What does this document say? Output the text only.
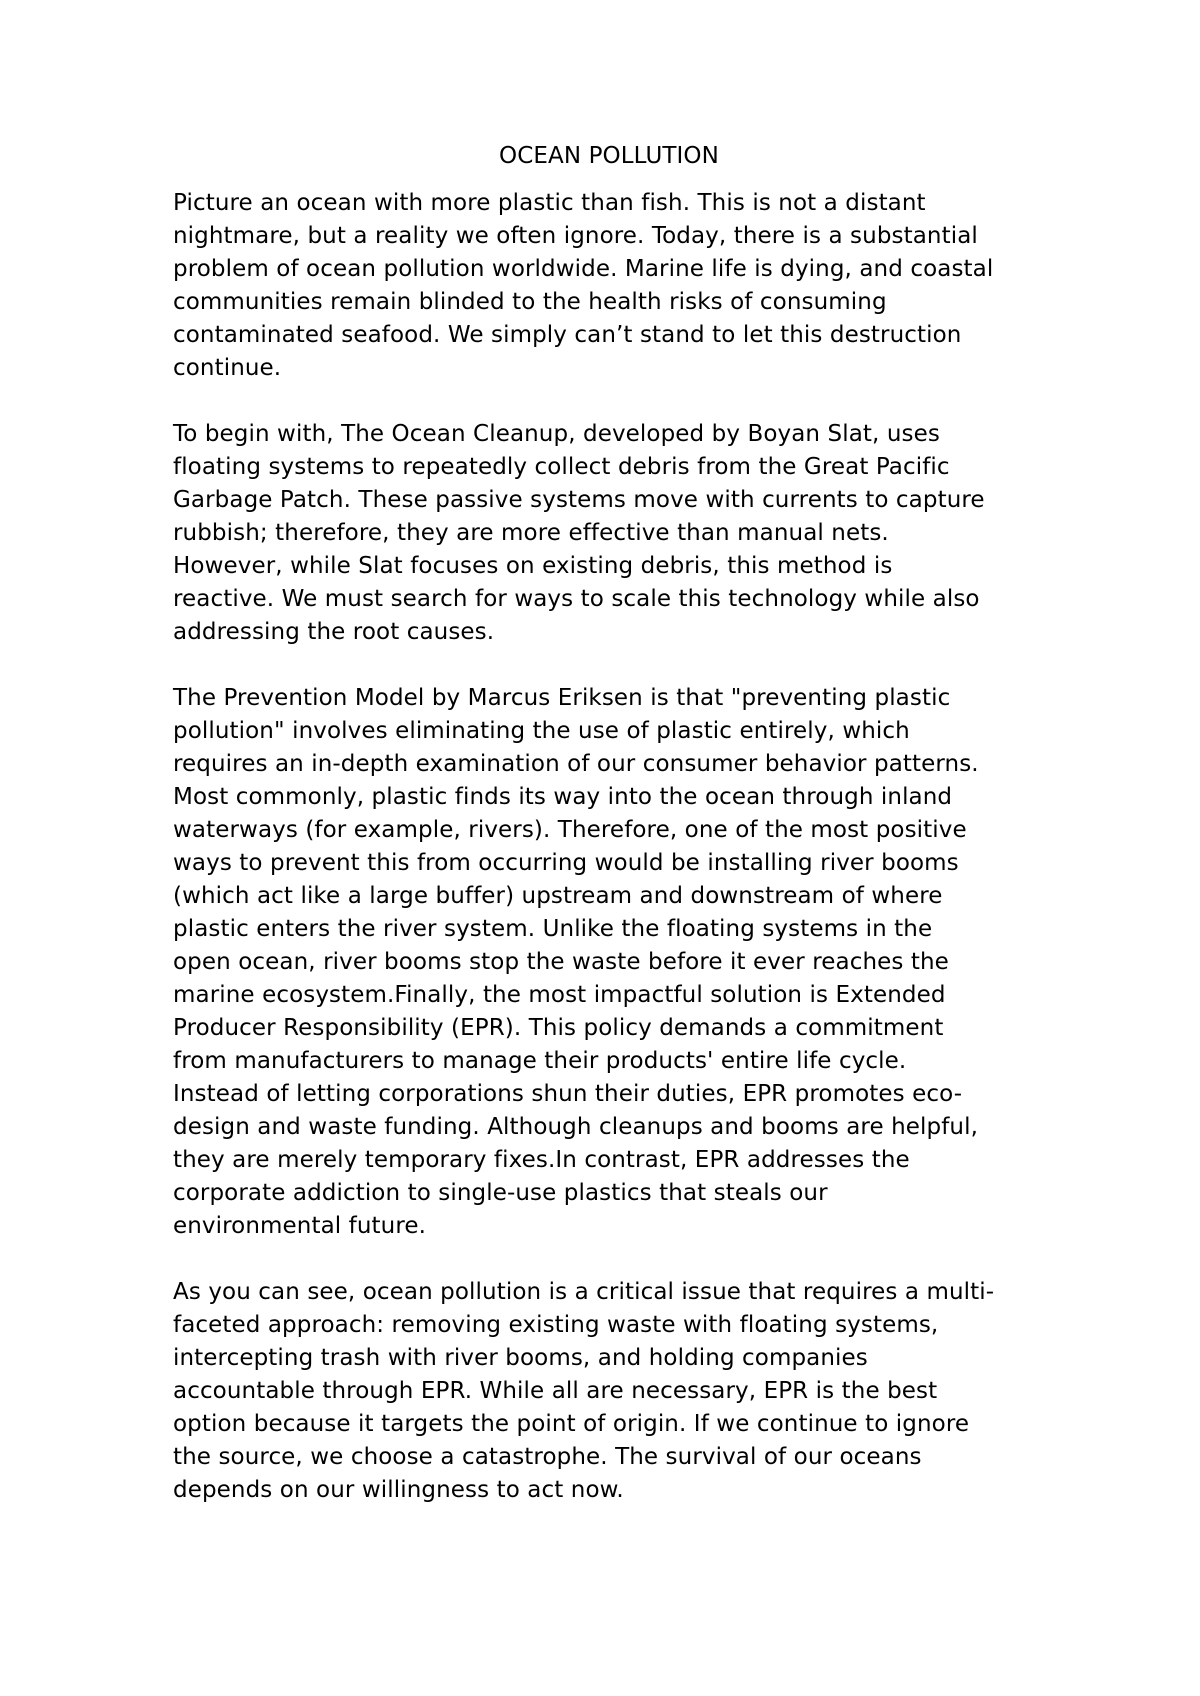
OCEAN POLLUTION
Picture an ocean with more plastic than fish. This is not a distant
nightmare, but a reality we often ignore. Today, there is a substantial
problem of ocean pollution worldwide. Marine life is dying, and coastal
communities remain blinded to the health risks of consuming
contaminated seafood. We simply can’t stand to let this destruction
continue.
To begin with, The Ocean Cleanup, developed by Boyan Slat, uses
floating systems to repeatedly collect debris from the Great Pacific
Garbage Patch. These passive systems move with currents to capture
rubbish; therefore, they are more effective than manual nets.
However, while Slat focuses on existing debris, this method is
reactive. We must search for ways to scale this technology while also
addressing the root causes.
The Prevention Model by Marcus Eriksen is that "preventing plastic
pollution" involves eliminating the use of plastic entirely, which
requires an in-depth examination of our consumer behavior patterns.
Most commonly, plastic finds its way into the ocean through inland
waterways (for example, rivers). Therefore, one of the most positive
ways to prevent this from occurring would be installing river booms
(which act like a large buffer) upstream and downstream of where
plastic enters the river system. Unlike the floating systems in the
open ocean, river booms stop the waste before it ever reaches the
marine ecosystem.Finally, the most impactful solution is Extended
Producer Responsibility (EPR). This policy demands a commitment
from manufacturers to manage their products' entire life cycle.
Instead of letting corporations shun their duties, EPR promotes eco-
design and waste funding. Although cleanups and booms are helpful,
they are merely temporary fixes.In contrast, EPR addresses the
corporate addiction to single-use plastics that steals our
environmental future.
As you can see, ocean pollution is a critical issue that requires a multi-
faceted approach: removing existing waste with floating systems,
intercepting trash with river booms, and holding companies
accountable through EPR. While all are necessary, EPR is the best
option because it targets the point of origin. If we continue to ignore
the source, we choose a catastrophe. The survival of our oceans
depends on our willingness to act now.
